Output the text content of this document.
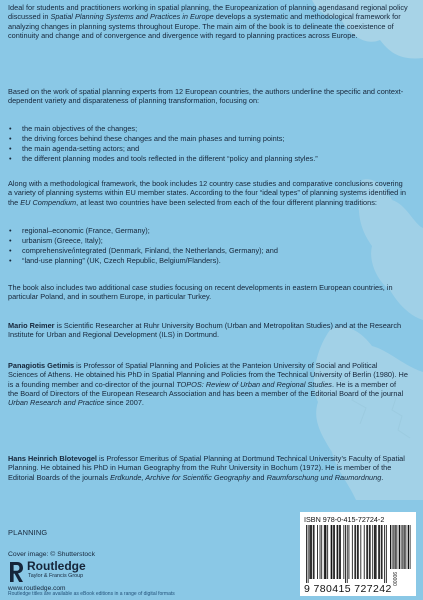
Ideal for students and practitioners working in spatial planning, the Europeanization of planning agendasand regional policy discussed in Spatial Planning Systems and Practices in Europe develops a systematic and methodological framework for analyzing changes in planning systems throughout Europe. The main aim of the book is to delineate the coexistence of continuity and change and of convergence and divergence with regard to planning practices across Europe.

Based on the work of spatial planning experts from 12 European countries, the authors underline the specific and context-dependent variety and disparateness of planning transformation, focusing on:

• the main objectives of the changes;
• the driving forces behind these changes and the main phases and turning points;
• the main agenda-setting actors; and
• the different planning modes and tools reflected in the different “policy and planning styles.”

Along with a methodological framework, the book includes 12 country case studies and comparative conclusions covering a variety of planning systems within EU member states. According to the four “ideal types” of planning systems identified in the EU Compendium, at least two countries have been selected from each of the four different planning traditions:

• regional–economic (France, Germany);
• urbanism (Greece, Italy);
• comprehensive/integrated (Denmark, Finland, the Netherlands, Germany); and
• “land-use planning” (UK, Czech Republic, Belgium/Flanders).

The book also includes two additional case studies focusing on recent developments in eastern European countries, in particular Poland, and in southern Europe, in particular Turkey.

Mario Reimer is Scientific Researcher at Ruhr University Bochum (Urban and Metropolitan Studies) and at the Research Institute for Urban and Regional Development (ILS) in Dortmund.

Panagiotis Getimis is Professor of Spatial Planning and Policies at the Panteion University of Social and Political Sciences of Athens. He obtained his PhD in Spatial Planning and Policies from the Technical University of Berlin (1980). He is a founding member and co-director of the journal TOPOS: Review of Urban and Regional Studies. He is a member of the Board of Directors of the European Research Association and has been a member of the Editorial Board of the journal Urban Research and Practice since 2007.

Hans Heinrich Blotevogel is Professor Emeritus of Spatial Planning at Dortmund Technical University’s Faculty of Spatial Planning. He obtained his PhD in Human Geography from the Ruhr University in Bochum (1972). He is member of the Editorial Boards of the journals Erdkunde, Archive for Scientific Geography and Raumforschung und Raumordnung.

PLANNING
Cover image: © Shutterstock
Routledge
Taylor & Francis Group
www.routledge.com
Routledge titles are available as eBook editions in a range of digital formats
ISBN 978-0-415-72724-2
90000
9 780415 727242
